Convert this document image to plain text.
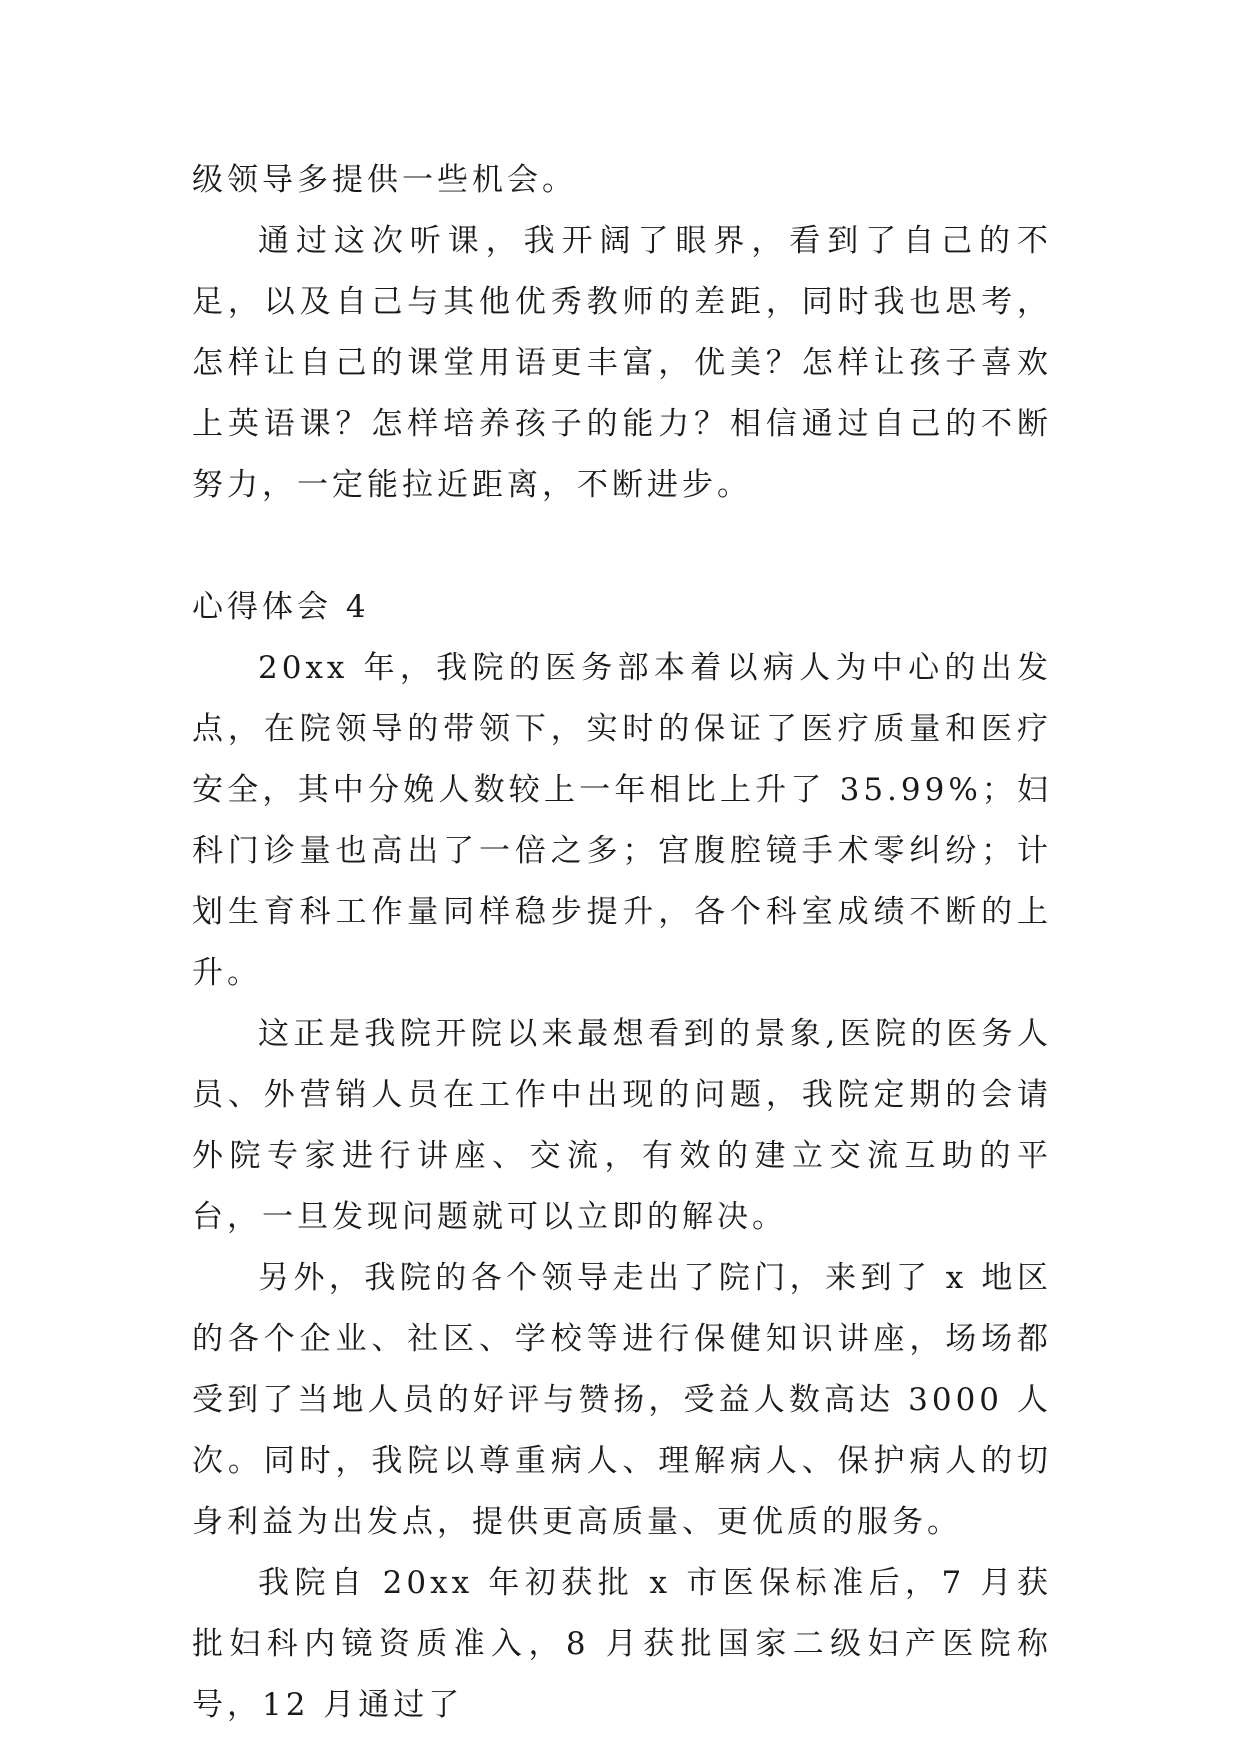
级领导多提供一些机会。

通过这次听课，我开阔了眼界，看到了自己的不足，以及自己与其他优秀教师的差距，同时我也思考，怎样让自己的课堂用语更丰富，优美？怎样让孩子喜欢上英语课？怎样培养孩子的能力？相信通过自己的不断努力，一定能拉近距离，不断进步。

心得体会 4

20xx 年，我院的医务部本着以病人为中心的出发点，在院领导的带领下，实时的保证了医疗质量和医疗安全，其中分娩人数较上一年相比上升了 35.99%；妇科门诊量也高出了一倍之多；宫腹腔镜手术零纠纷；计划生育科工作量同样稳步提升，各个科室成绩不断的上升。

这正是我院开院以来最想看到的景象,医院的医务人员、外营销人员在工作中出现的问题，我院定期的会请外院专家进行讲座、交流，有效的建立交流互助的平台，一旦发现问题就可以立即的解决。

另外，我院的各个领导走出了院门，来到了 x 地区的各个企业、社区、学校等进行保健知识讲座，场场都受到了当地人员的好评与赞扬，受益人数高达 3000 人次。同时，我院以尊重病人、理解病人、保护病人的切身利益为出发点，提供更高质量、更优质的服务。

我院自 20xx 年初获批 x 市医保标准后，7 月获批妇科内镜资质准入，8 月获批国家二级妇产医院称号，12 月通过了
